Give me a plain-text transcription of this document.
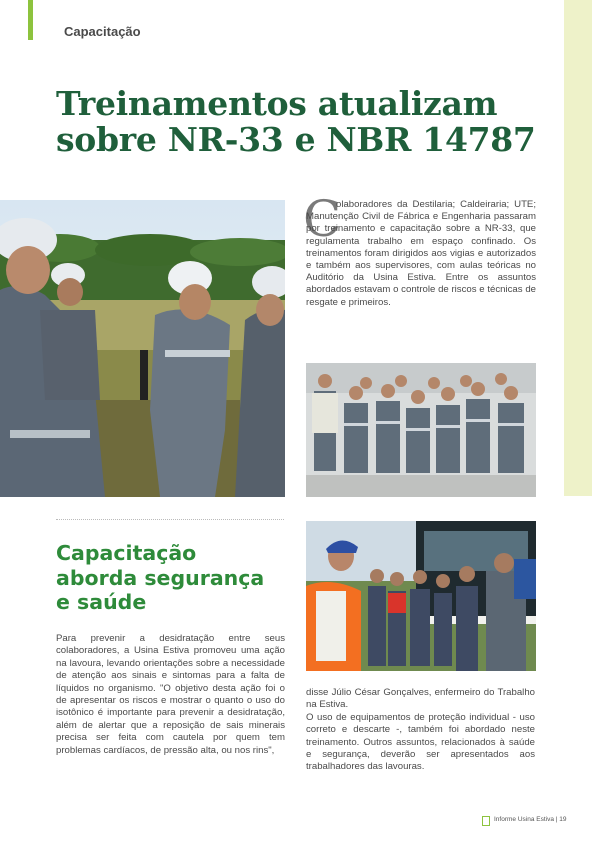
Capacitação
Treinamentos atualizam
sobre NR-33 e NBR 14787
C

olaboradores da Destilaria; Caldeiraria; UTE; Manutenção Civil de Fábrica e Engenharia passaram por treinamento e capacitação sobre a NR-33, que regulamenta trabalho em espaço confinado. Os treinamentos foram dirigidos aos vigias e autorizados e também aos supervisores, com aulas teóricas no Auditório da Usina Estiva. Entre os assuntos abordados estavam o controle de riscos e técnicas de resgate e primeiros.

Capacitação
aborda segurança
e saúde

Para prevenir a desidratação entre seus colaboradores, a Usina Estiva promoveu uma ação na lavoura, levando orientações sobre a necessidade de atenção aos sinais e sintomas para a falta de líquidos no organismo. "O objetivo desta ação foi o de apresentar os riscos e mostrar o quanto o uso do isotônico é importante para prevenir a desidratação, além de alertar que a reposição de sais minerais precisa ser feita com cautela por quem tem problemas cardíacos, de pressão alta, ou nos rins",

disse Júlio César Gonçalves, enfermeiro do Trabalho na Estiva.

O uso de equipamentos de proteção individual - uso correto e descarte -, também foi abordado neste treinamento. Outros assuntos, relacionados à saúde e segurança, deverão ser apresentados aos trabalhadores das lavouras.

Informe Usina Estiva | 19
